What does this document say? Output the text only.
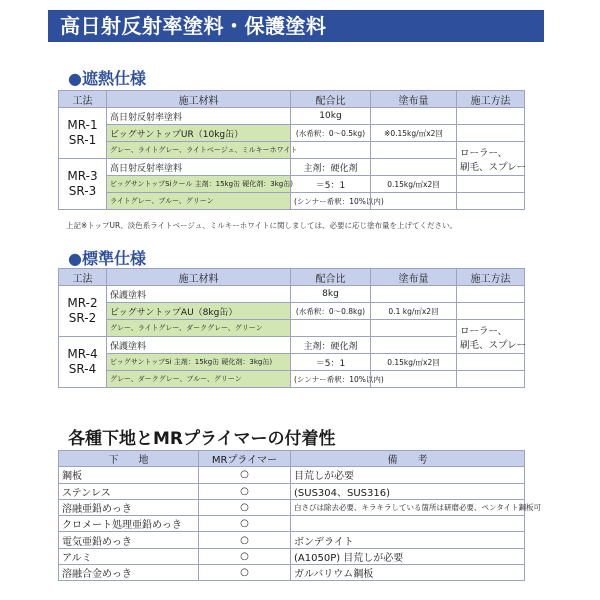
高日射反射率塗料・保護塗料
●遮熱仕様
工法	施工材料	配合比	塗布量	施工方法

MR-1
SR-1	高日射反射率塗料	10kg		
	ビッグサントップUR（10kg缶）	(水希釈：0～0.5kg)	※0.15kg/㎡x2回	
	グレー、ライトグレー、ライトベージュ、ミルキーホワイト			ローラー、
刷毛、スプレー

MR-3
SR-3	高日射反射率塗料	主剤：硬化剤		
	ビッグサントップSiクール 主剤：15kg缶 硬化剤：3kg缶)	＝5：1	0.15kg/㎡x2回	
	ライトグレー、ブルー、グリーン	(シンナー希釈：10%以内)		
上記※トップUR、淡色系ライトベージュ、ミルキーホワイトに関しましては、必要に応じ塗布量を上げてください。
●標準仕様
工法	施工材料	配合比	塗布量	施工方法

MR-2
SR-2	保護塗料	8kg		
	ビッグサントップAU（8kg缶）	(水希釈：0～0.8kg)	0.1 kg/㎡x2回	
	グレー、ライトグレー、ダークグレー、グリーン			ローラー、
刷毛、スプレー

MR-4
SR-4	保護塗料	主剤：硬化剤		
	ビッグサントップSi 主剤：15kg缶 硬化剤：3kg缶)	＝5：1	0.15kg/㎡x2回	
	グレー、ダークグレー、ブルー、グリーン	(シンナー希釈：10%以内)		
各種下地とMRプライマーの付着性
下　　地	MRプライマー	備　　考
鋼板	○	目荒しが必要
ステンレス	○	(SUS304、SUS316)
溶融亜鉛めっき	○	白さびは除去必要、キラキラしている箇所は研磨必要、ペンタイト鋼板可
クロメート処理亜鉛めっき	○	
電気亜鉛めっき	○	ボンデライト
アルミ	○	(A1050P) 目荒しが必要
溶融合金めっき	○	ガルバリウム鋼板
